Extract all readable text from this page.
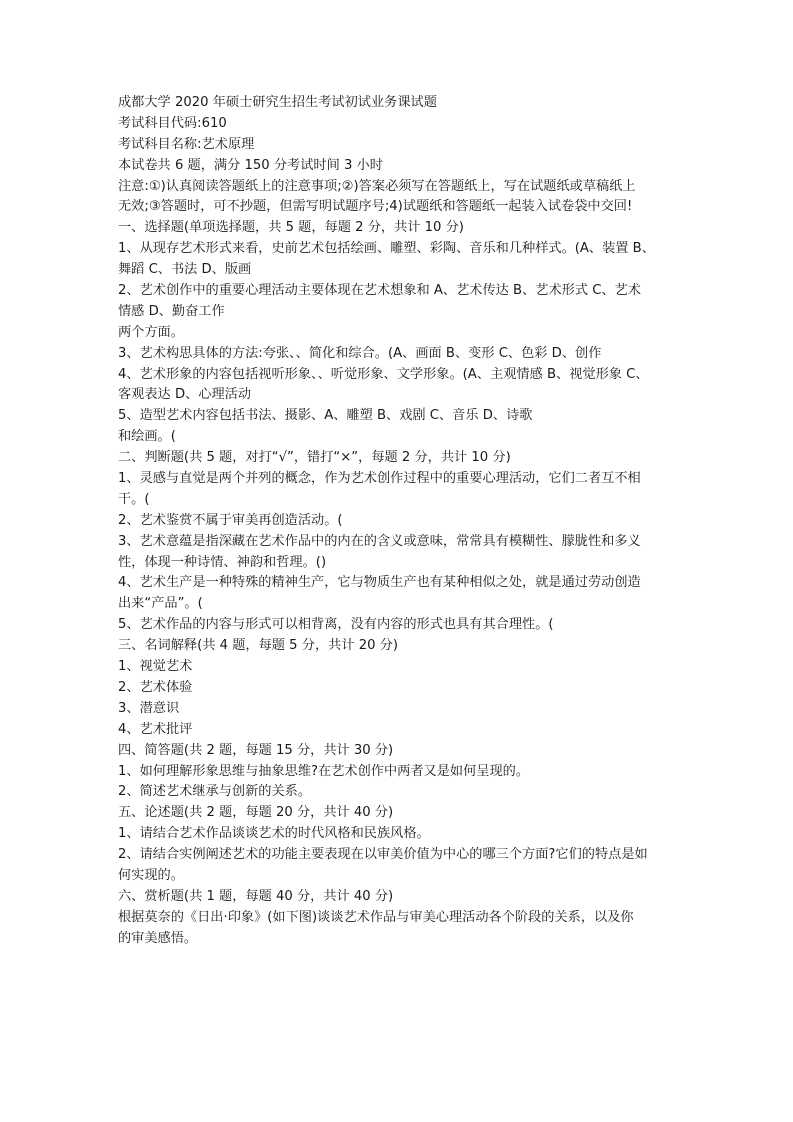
成都大学 2020 年硕士研究生招生考试初试业务课试题
考试科目代码:610
考试科目名称:艺术原理
本试卷共 6 题，满分 150 分考试时间 3 小时
注意:①)认真阅读答题纸上的注意事项;②)答案必须写在答题纸上，写在试题纸或草稿纸上
无效;③答题时，可不抄题，但需写明试题序号;4)试题纸和答题纸一起装入试卷袋中交回!
一、选择题(单项选择题，共 5 题，每题 2 分，共计 10 分)
1、从现存艺术形式来看，史前艺术包括绘画、雕塑、彩陶、音乐和几种样式。(A、装置 B、
舞蹈 C、书法 D、版画
2、艺术创作中的重要心理活动主要体现在艺术想象和 A、艺术传达 B、艺术形式 C、艺术
情感 D、勤奋工作
两个方面。
3、艺术构思具体的方法:夸张、、简化和综合。(A、画面 B、变形 C、色彩 D、创作
4、艺术形象的内容包括视听形象、、听觉形象、文学形象。(A、主观情感 B、视觉形象 C、
客观表达 D、心理活动
5、造型艺术内容包括书法、摄影、A、雕塑 B、戏剧 C、音乐 D、诗歌
和绘画。(
二、判断题(共 5 题，对打“√”，错打“×”，每题 2 分，共计 10 分)
1、灵感与直觉是两个并列的概念，作为艺术创作过程中的重要心理活动，它们二者互不相
干。(
2、艺术鉴赏不属于审美再创造活动。(
3、艺术意蕴是指深藏在艺术作品中的内在的含义或意味，常常具有模糊性、朦胧性和多义
性，体现一种诗情、神韵和哲理。()
4、艺术生产是一种特殊的精神生产，它与物质生产也有某种相似之处，就是通过劳动创造
出来“产品”。(
5、艺术作品的内容与形式可以相背离，没有内容的形式也具有其合理性。(
三、名词解释(共 4 题，每题 5 分，共计 20 分)
1、视觉艺术
2、艺术体验
3、潜意识
4、艺术批评
四、简答题(共 2 题，每题 15 分，共计 30 分)
1、如何理解形象思维与抽象思维?在艺术创作中两者又是如何呈现的。
2、简述艺术继承与创新的关系。
五、论述题(共 2 题，每题 20 分，共计 40 分)
1、请结合艺术作品谈谈艺术的时代风格和民族风格。
2、请结合实例阐述艺术的功能主要表现在以审美价值为中心的哪三个方面?它们的特点是如
何实现的。
六、赏析题(共 1 题，每题 40 分，共计 40 分)
根据莫奈的《日出·印象》(如下图)谈谈艺术作品与审美心理活动各个阶段的关系，以及你
的审美感悟。
